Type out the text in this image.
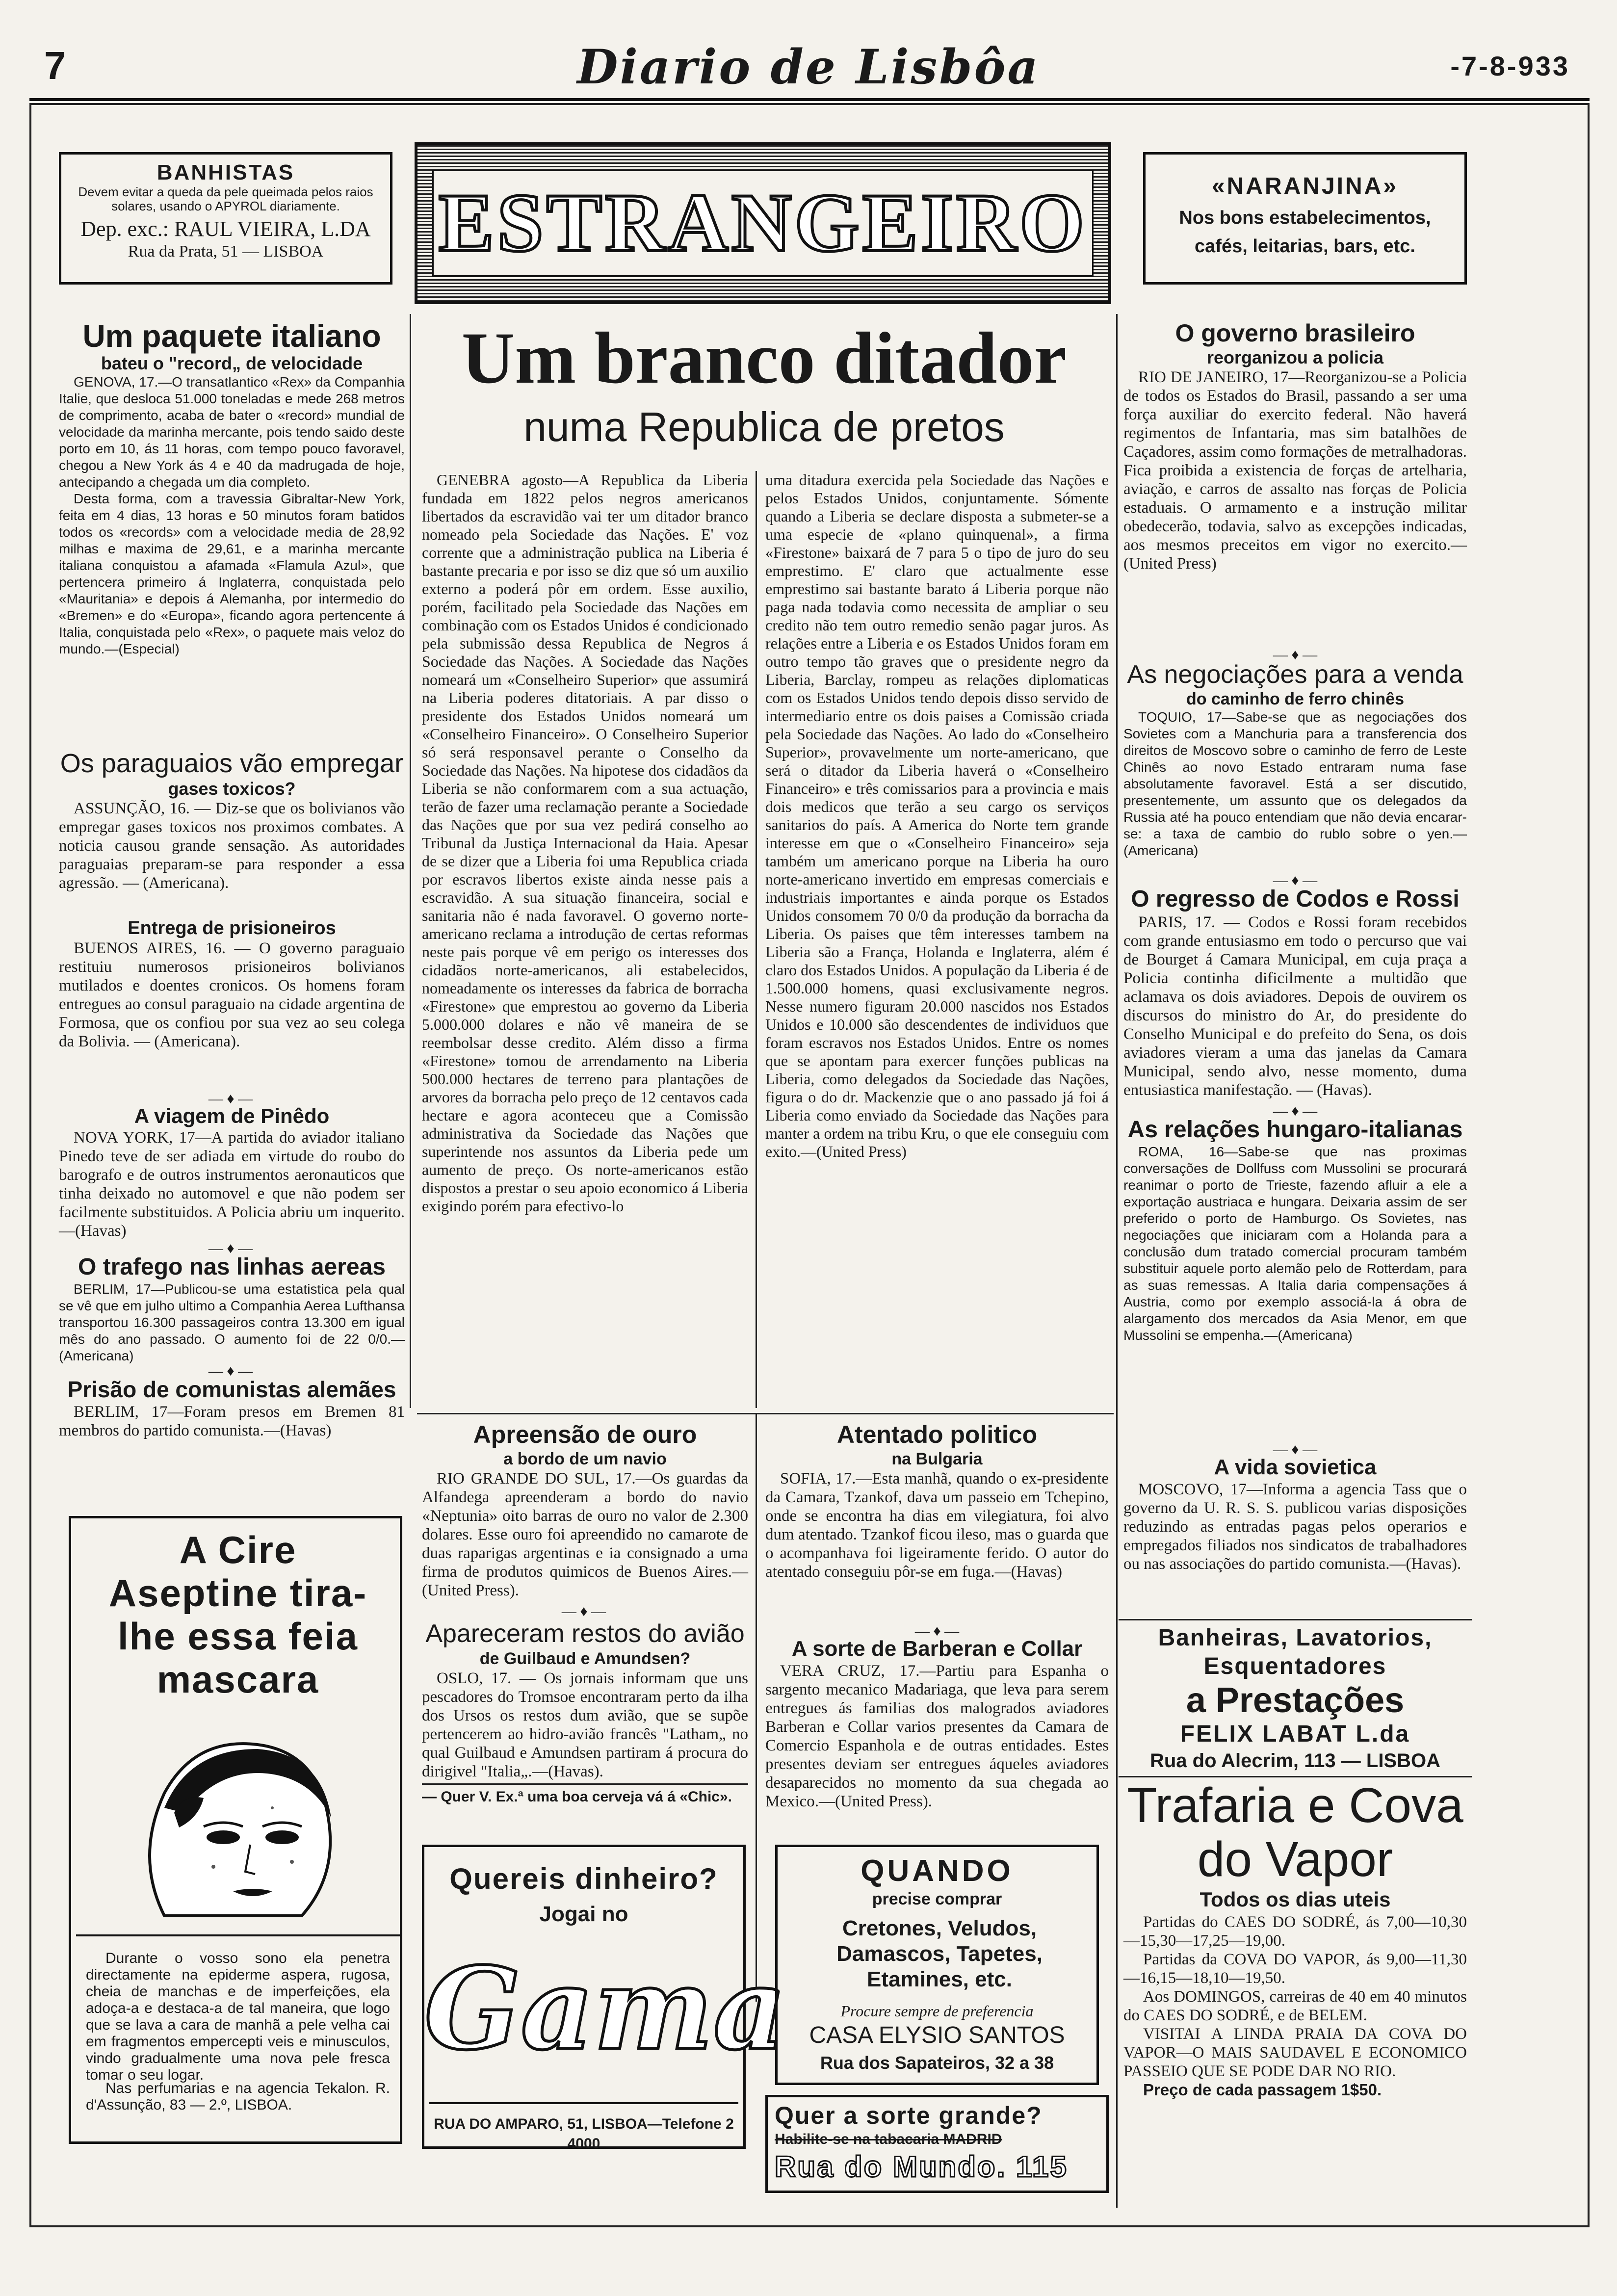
7	Diario de Lisbôa	-7-8-933
BANHISTAS
Devem evitar a queda da pele queimada pelos raios solares, usando o APYROL diariamente.
Dep. exc.: RAUL VIEIRA, L.DA
Rua da Prata, 51 — LISBOA	ESTRANGEIRO	«NARANJINA»
Nos bons estabelecimentos, cafés, leitarias, bars, etc.
Um paquete italiano
bateu o "record„ de velocidade

GENOVA, 17.—O transatlantico «Rex» da Companhia Italie, que desloca 51.000 toneladas e mede 268 metros de comprimento, acaba de bater o «record» mundial de velocidade da marinha mercante, pois tendo saido deste porto em 10, ás 11 horas, com tempo pouco favoravel, chegou a New York ás 4 e 40 da madrugada de hoje, antecipando a chegada um dia completo.

Desta forma, com a travessia Gibraltar-New York, feita em 4 dias, 13 horas e 50 minutos foram batidos todos os «records» com a velocidade media de 28,92 milhas e maxima de 29,61, e a marinha mercante italiana conquistou a afamada «Flamula Azul», que pertencera primeiro á Inglaterra, conquistada pelo «Mauritania» e depois á Alemanha, por intermedio do «Bremen» e do «Europa», ficando agora pertencente á Italia, conquistada pelo «Rex», o paquete mais veloz do mundo.—(Especial)

Os paraguaios vão empregar
gases toxicos?

ASSUNÇÃO, 16. — Diz-se que os bolivianos vão empregar gases toxicos nos proximos combates. A noticia causou grande sensação. As autoridades paraguaias preparam-se para responder a essa agressão. — (Americana).

Entrega de prisioneiros

BUENOS AIRES, 16. — O governo paraguaio restituiu numerosos prisioneiros bolivianos mutilados e doentes cronicos. Os homens foram entregues ao consul paraguaio na cidade argentina de Formosa, que os confiou por sua vez ao seu colega da Bolivia. — (Americana).

— ♦ —
A viagem de Pinêdo

NOVA YORK, 17—A partida do aviador italiano Pinedo teve de ser adiada em virtude do roubo do barografo e de outros instrumentos aeronauticos que tinha deixado no automovel e que não podem ser facilmente substituidos. A Policia abriu um inquerito.—(Havas)

— ♦ —
O trafego nas linhas aereas

BERLIM, 17—Publicou-se uma estatistica pela qual se vê que em julho ultimo a Companhia Aerea Lufthansa transportou 16.300 passageiros contra 13.300 em igual mês do ano passado. O aumento foi de 22 0/0.—(Americana)

— ♦ —
Prisão de comunistas alemães

BERLIM, 17—Foram presos em Bremen 81 membros do partido comunista.—(Havas)

A Cire Aseptine tira-lhe essa feia mascara

Durante o vosso sono ela penetra directamente na epiderme aspera, rugosa, cheia de manchas e de imperfeições, ela adoça-a e destaca-a de tal maneira, que logo que se lava a cara de manhã a pele velha cai em fragmentos empercepti veis e minusculos, vindo gradualmente uma nova pele fresca tomar o seu logar.

Nas perfumarias e na agencia Tekalon. R. d'Assunção, 83 — 2.º, LISBOA.

Um branco ditador
numa Republica de pretos

GENEBRA agosto—A Republica da Liberia fundada em 1822 pelos negros americanos libertados da escravidão vai ter um ditador branco nomeado pela Sociedade das Nações. E' voz corrente que a administração publica na Liberia é bastante precaria e por isso se diz que só um auxilio externo a poderá pôr em ordem. Esse auxilio, porém, facilitado pela Sociedade das Nações em combinação com os Estados Unidos é condicionado pela submissão dessa Republica de Negros á Sociedade das Nações. A Sociedade das Nações nomeará um «Conselheiro Superior» que assumirá na Liberia poderes ditatoriais. A par disso o presidente dos Estados Unidos nomeará um «Conselheiro Financeiro». O Conselheiro Superior só será responsavel perante o Conselho da Sociedade das Nações. Na hipotese dos cidadãos da Liberia se não conformarem com a sua actuação, terão de fazer uma reclamação perante a Sociedade das Nações que por sua vez pedirá conselho ao Tribunal da Justiça Internacional da Haia. Apesar de se dizer que a Liberia foi uma Republica criada por escravos libertos existe ainda nesse pais a escravidão. A sua situação financeira, social e sanitaria não é nada favoravel. O governo norte-americano reclama a introdução de certas reformas neste pais porque vê em perigo os interesses dos cidadãos norte-americanos, ali estabelecidos, nomeadamente os interesses da fabrica de borracha «Firestone» que emprestou ao governo da Liberia 5.000.000 dolares e não vê maneira de se reembolsar desse credito. Além disso a firma «Firestone» tomou de arrendamento na Liberia 500.000 hectares de terreno para plantações de arvores da borracha pelo preço de 12 centavos cada hectare e agora aconteceu que a Comissão administrativa da Sociedade das Nações que superintende nos assuntos da Liberia pede um aumento de preço. Os norte-americanos estão dispostos a prestar o seu apoio economico á Liberia exigindo porém para efectivo-lo

uma ditadura exercida pela Sociedade das Nações e pelos Estados Unidos, conjuntamente. Sómente quando a Liberia se declare disposta a submeter-se a uma especie de «plano quinquenal», a firma «Firestone» baixará de 7 para 5 o tipo de juro do seu emprestimo. E' claro que actualmente esse emprestimo sai bastante barato á Liberia porque não paga nada todavia como necessita de ampliar o seu credito não tem outro remedio senão pagar juros. As relações entre a Liberia e os Estados Unidos foram em outro tempo tão graves que o presidente negro da Liberia, Barclay, rompeu as relações diplomaticas com os Estados Unidos tendo depois disso servido de intermediario entre os dois paises a Comissão criada pela Sociedade das Nações. Ao lado do «Conselheiro Superior», provavelmente um norte-americano, que será o ditador da Liberia haverá o «Conselheiro Financeiro» e três comissarios para a provincia e mais dois medicos que terão a seu cargo os serviços sanitarios do país. A America do Norte tem grande interesse em que o «Conselheiro Financeiro» seja também um americano porque na Liberia ha ouro norte-americano invertido em empresas comerciais e industriais importantes e ainda porque os Estados Unidos consomem 70 0/0 da produção da borracha da Liberia. Os paises que têm interesses tambem na Liberia são a França, Holanda e Inglaterra, além é claro dos Estados Unidos. A população da Liberia é de 1.500.000 homens, quasi exclusivamente negros. Nesse numero figuram 20.000 nascidos nos Estados Unidos e 10.000 são descendentes de individuos que foram escravos nos Estados Unidos. Entre os nomes que se apontam para exercer funções publicas na Liberia, como delegados da Sociedade das Nações, figura o do dr. Mackenzie que o ano passado já foi á Liberia como enviado da Sociedade das Nações para manter a ordem na tribu Kru, o que ele conseguiu com exito.—(United Press)

Apreensão de ouro
a bordo de um navio

RIO GRANDE DO SUL, 17.—Os guardas da Alfandega apreenderam a bordo do navio «Neptunia» oito barras de ouro no valor de 2.300 dolares. Esse ouro foi apreendido no camarote de duas raparigas argentinas e ia consignado a uma firma de produtos quimicos de Buenos Aires.—(United Press).

— ♦ —
Apareceram restos do avião
de Guilbaud e Amundsen?

OSLO, 17. — Os jornais informam que uns pescadores do Tromsoe encontraram perto da ilha dos Ursos os restos dum avião, que se supõe pertencerem ao hidro-avião francês "Latham„ no qual Guilbaud e Amundsen partiram á procura do dirigivel "Italia„.—(Havas).

— Quer V. Ex.ª uma boa cerveja vá á «Chic».
Quereis dinheiro?
Jogai no
Gama
RUA DO AMPARO, 51, LISBOA—Telefone 2 4000
Atentado politico
na Bulgaria

SOFIA, 17.—Esta manhã, quando o ex-presidente da Camara, Tzankof, dava um passeio em Tchepino, onde se encontra ha dias em vilegiatura, foi alvo dum atentado. Tzankof ficou ileso, mas o guarda que o acompanhava foi ligeiramente ferido. O autor do atentado conseguiu pôr-se em fuga.—(Havas)

— ♦ —
A sorte de Barberan e Collar

VERA CRUZ, 17.—Partiu para Espanha o sargento mecanico Madariaga, que leva para serem entregues ás familias dos malogrados aviadores Barberan e Collar varios presentes da Camara de Comercio Espanhola e de outras entidades. Estes presentes deviam ser entregues áqueles aviadores desaparecidos no momento da sua chegada ao Mexico.—(United Press).

QUANDO
precise comprar
Cretones, Veludos, Damascos, Tapetes, Etamines, etc.
Procure sempre de preferencia
CASA ELYSIO SANTOS
Rua dos Sapateiros, 32 a 38
Quer a sorte grande?
Habilite-se na tabacaria MADRID
Rua do Mundo. 115
O governo brasileiro
reorganizou a policia

RIO DE JANEIRO, 17—Reorganizou-se a Policia de todos os Estados do Brasil, passando a ser uma força auxiliar do exercito federal. Não haverá regimentos de Infantaria, mas sim batalhões de Caçadores, assim como formações de metralhadoras. Fica proibida a existencia de forças de artelharia, aviação, e carros de assalto nas forças de Policia estaduais. O armamento e a instrução militar obedecerão, todavia, salvo as excepções indicadas, aos mesmos preceitos em vigor no exercito.—(United Press)

— ♦ —
As negociações para a venda
do caminho de ferro chinês

TOQUIO, 17—Sabe-se que as negociações dos Sovietes com a Manchuria para a transferencia dos direitos de Moscovo sobre o caminho de ferro de Leste Chinês ao novo Estado entraram numa fase absolutamente favoravel. Está a ser discutido, presentemente, um assunto que os delegados da Russia até ha pouco entendiam que não devia encarar-se: a taxa de cambio do rublo sobre o yen.—(Americana)

— ♦ —
O regresso de Codos e Rossi

PARIS, 17. — Codos e Rossi foram recebidos com grande entusiasmo em todo o percurso que vai de Bourget á Camara Municipal, em cuja praça a Policia continha dificilmente a multidão que aclamava os dois aviadores. Depois de ouvirem os discursos do ministro do Ar, do presidente do Conselho Municipal e do prefeito do Sena, os dois aviadores vieram a uma das janelas da Camara Municipal, sendo alvo, nesse momento, duma entusiastica manifestação. — (Havas).

— ♦ —
As relações hungaro-italianas

ROMA, 16—Sabe-se que nas proximas conversações de Dollfuss com Mussolini se procurará reanimar o porto de Trieste, fazendo afluir a ele a exportação austriaca e hungara. Deixaria assim de ser preferido o porto de Hamburgo. Os Sovietes, nas negociações que iniciaram com a Holanda para a conclusão dum tratado comercial procuram também substituir aquele porto alemão pelo de Rotterdam, para as suas remessas. A Italia daria compensações á Austria, como por exemplo associá-la á obra de alargamento dos mercados da Asia Menor, em que Mussolini se empenha.—(Americana)

— ♦ —
A vida sovietica

MOSCOVO, 17—Informa a agencia Tass que o governo da U. R. S. S. publicou varias disposições reduzindo as entradas pagas pelos operarios e empregados filiados nos sindicatos de trabalhadores ou nas associações do partido comunista.—(Havas).

Banheiras, Lavatorios,
Esquentadores
a Prestações
FELIX LABAT L.da
Rua do Alecrim, 113 — LISBOA
Trafaria e Cova
do Vapor
Todos os dias uteis

Partidas do CAES DO SODRÉ, ás 7,00—10,30—15,30—17,25—19,00.

Partidas da COVA DO VAPOR, ás 9,00—11,30—16,15—18,10—19,50.

Aos DOMINGOS, carreiras de 40 em 40 minutos do CAES DO SODRÉ, e de BELEM.

VISITAI A LINDA PRAIA DA COVA DO VAPOR—O MAIS SAUDAVEL E ECONOMICO PASSEIO QUE SE PODE DAR NO RIO.

Preço de cada passagem 1$50.
